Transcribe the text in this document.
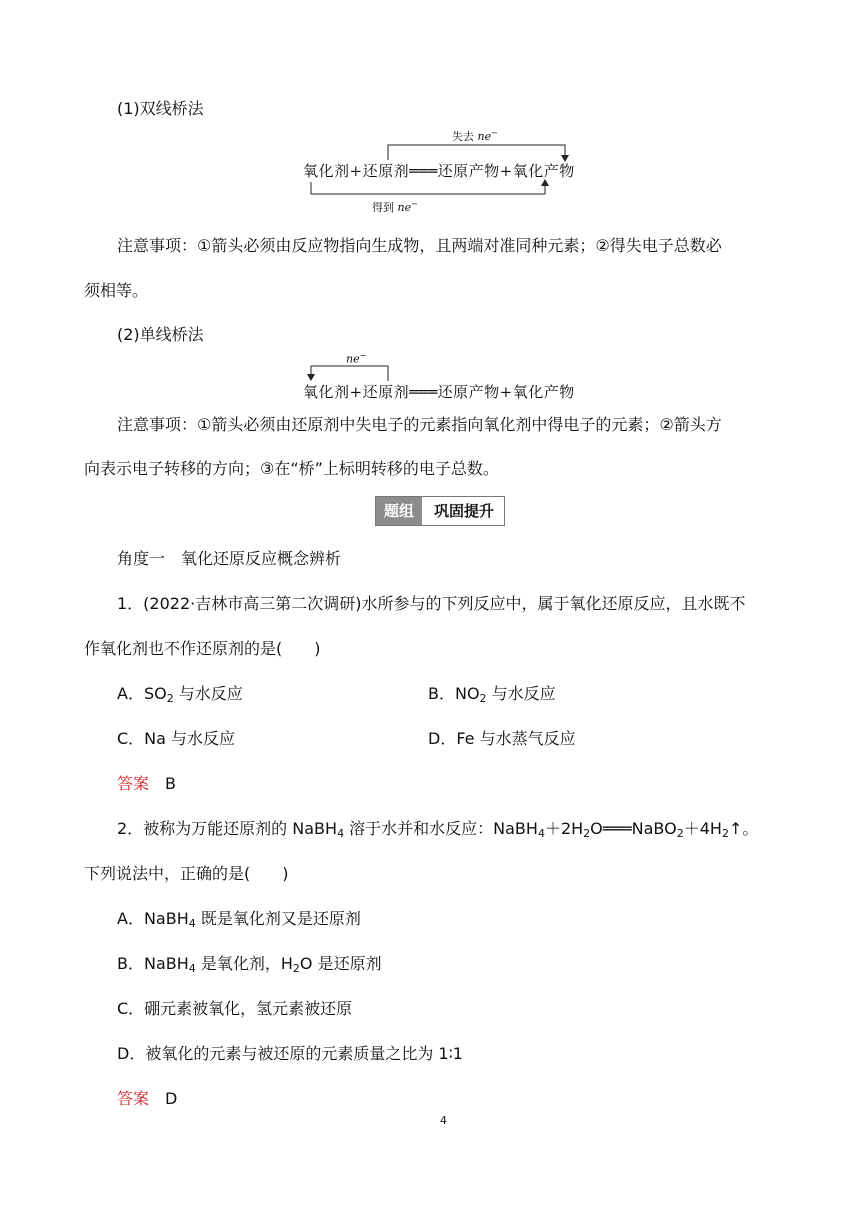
(1)双线桥法
失去 ne−
氧化剂+还原剂═══还原产物+氧化产物
得到 ne−
注意事项：①箭头必须由反应物指向生成物，且两端对准同种元素；②得失电子总数必
须相等。
(2)单线桥法
ne−
氧化剂+还原剂═══还原产物+氧化产物
注意事项：①箭头必须由还原剂中失电子的元素指向氧化剂中得电子的元素；②箭头方
向表示电子转移的方向；③在“桥”上标明转移的电子总数。
题组	巩固提升
角度一　氧化还原反应概念辨析
1．(2022·吉林市高三第二次调研)水所参与的下列反应中，属于氧化还原反应，且水既不
作氧化剂也不作还原剂的是(　　)
A．$SO_2$ 与水反应	B．$NO_2$ 与水反应
C．Na 与水反应	D．Fe 与水蒸气反应
答案　 B
2．被称为万能还原剂的 NaBH$_4$ 溶于水并和水反应：$NaBH_4+2H_2O═══NaBO_2+4H_2↑$。
下列说法中，正确的是(　　)
A．NaBH$_4$ 既是氧化剂又是还原剂
B．NaBH$_4$ 是氧化剂，$H_2O$ 是还原剂
C．硼元素被氧化，氢元素被还原
D．被氧化的元素与被还原的元素质量之比为 1∶1
答案　 D
4
